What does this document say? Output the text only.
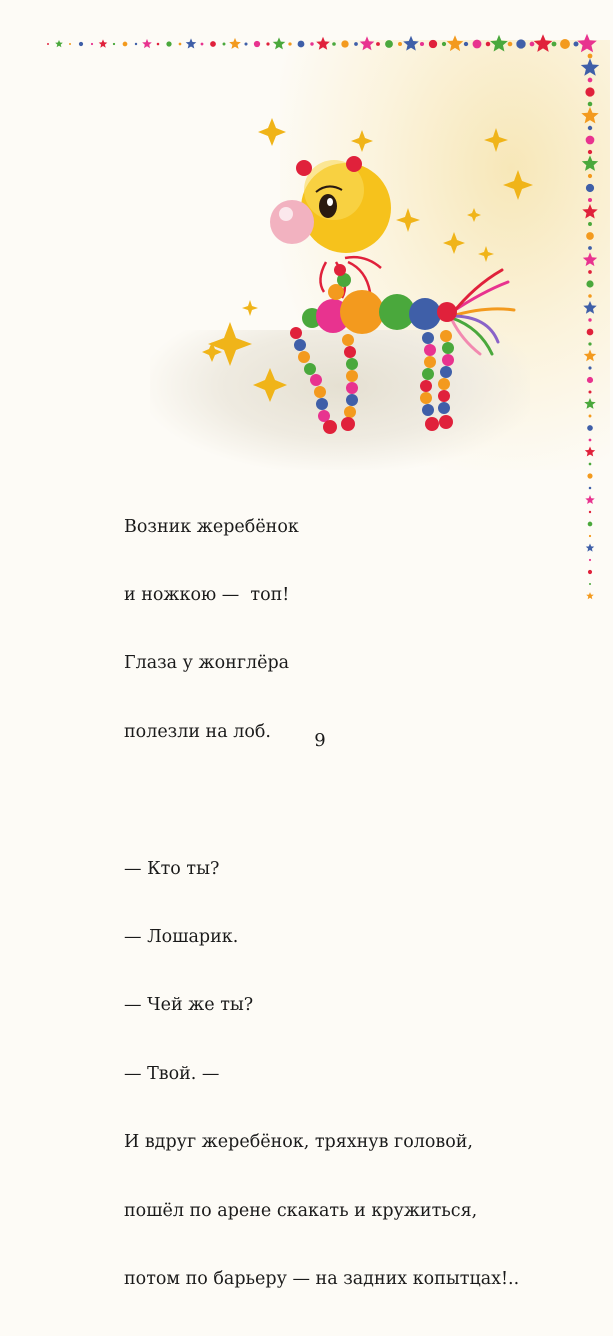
Возник жеребёнок

и ножкою —  топ!

Глаза у жонглёра

полезли на лоб.

— Кто ты?

— Лошарик.

— Чей же ты?

— Твой. —

И вдруг жеребёнок, тряхнув головой,

пошёл по арене скакать и кружиться,

потом по барьеру — на задних копытцах!..

9
